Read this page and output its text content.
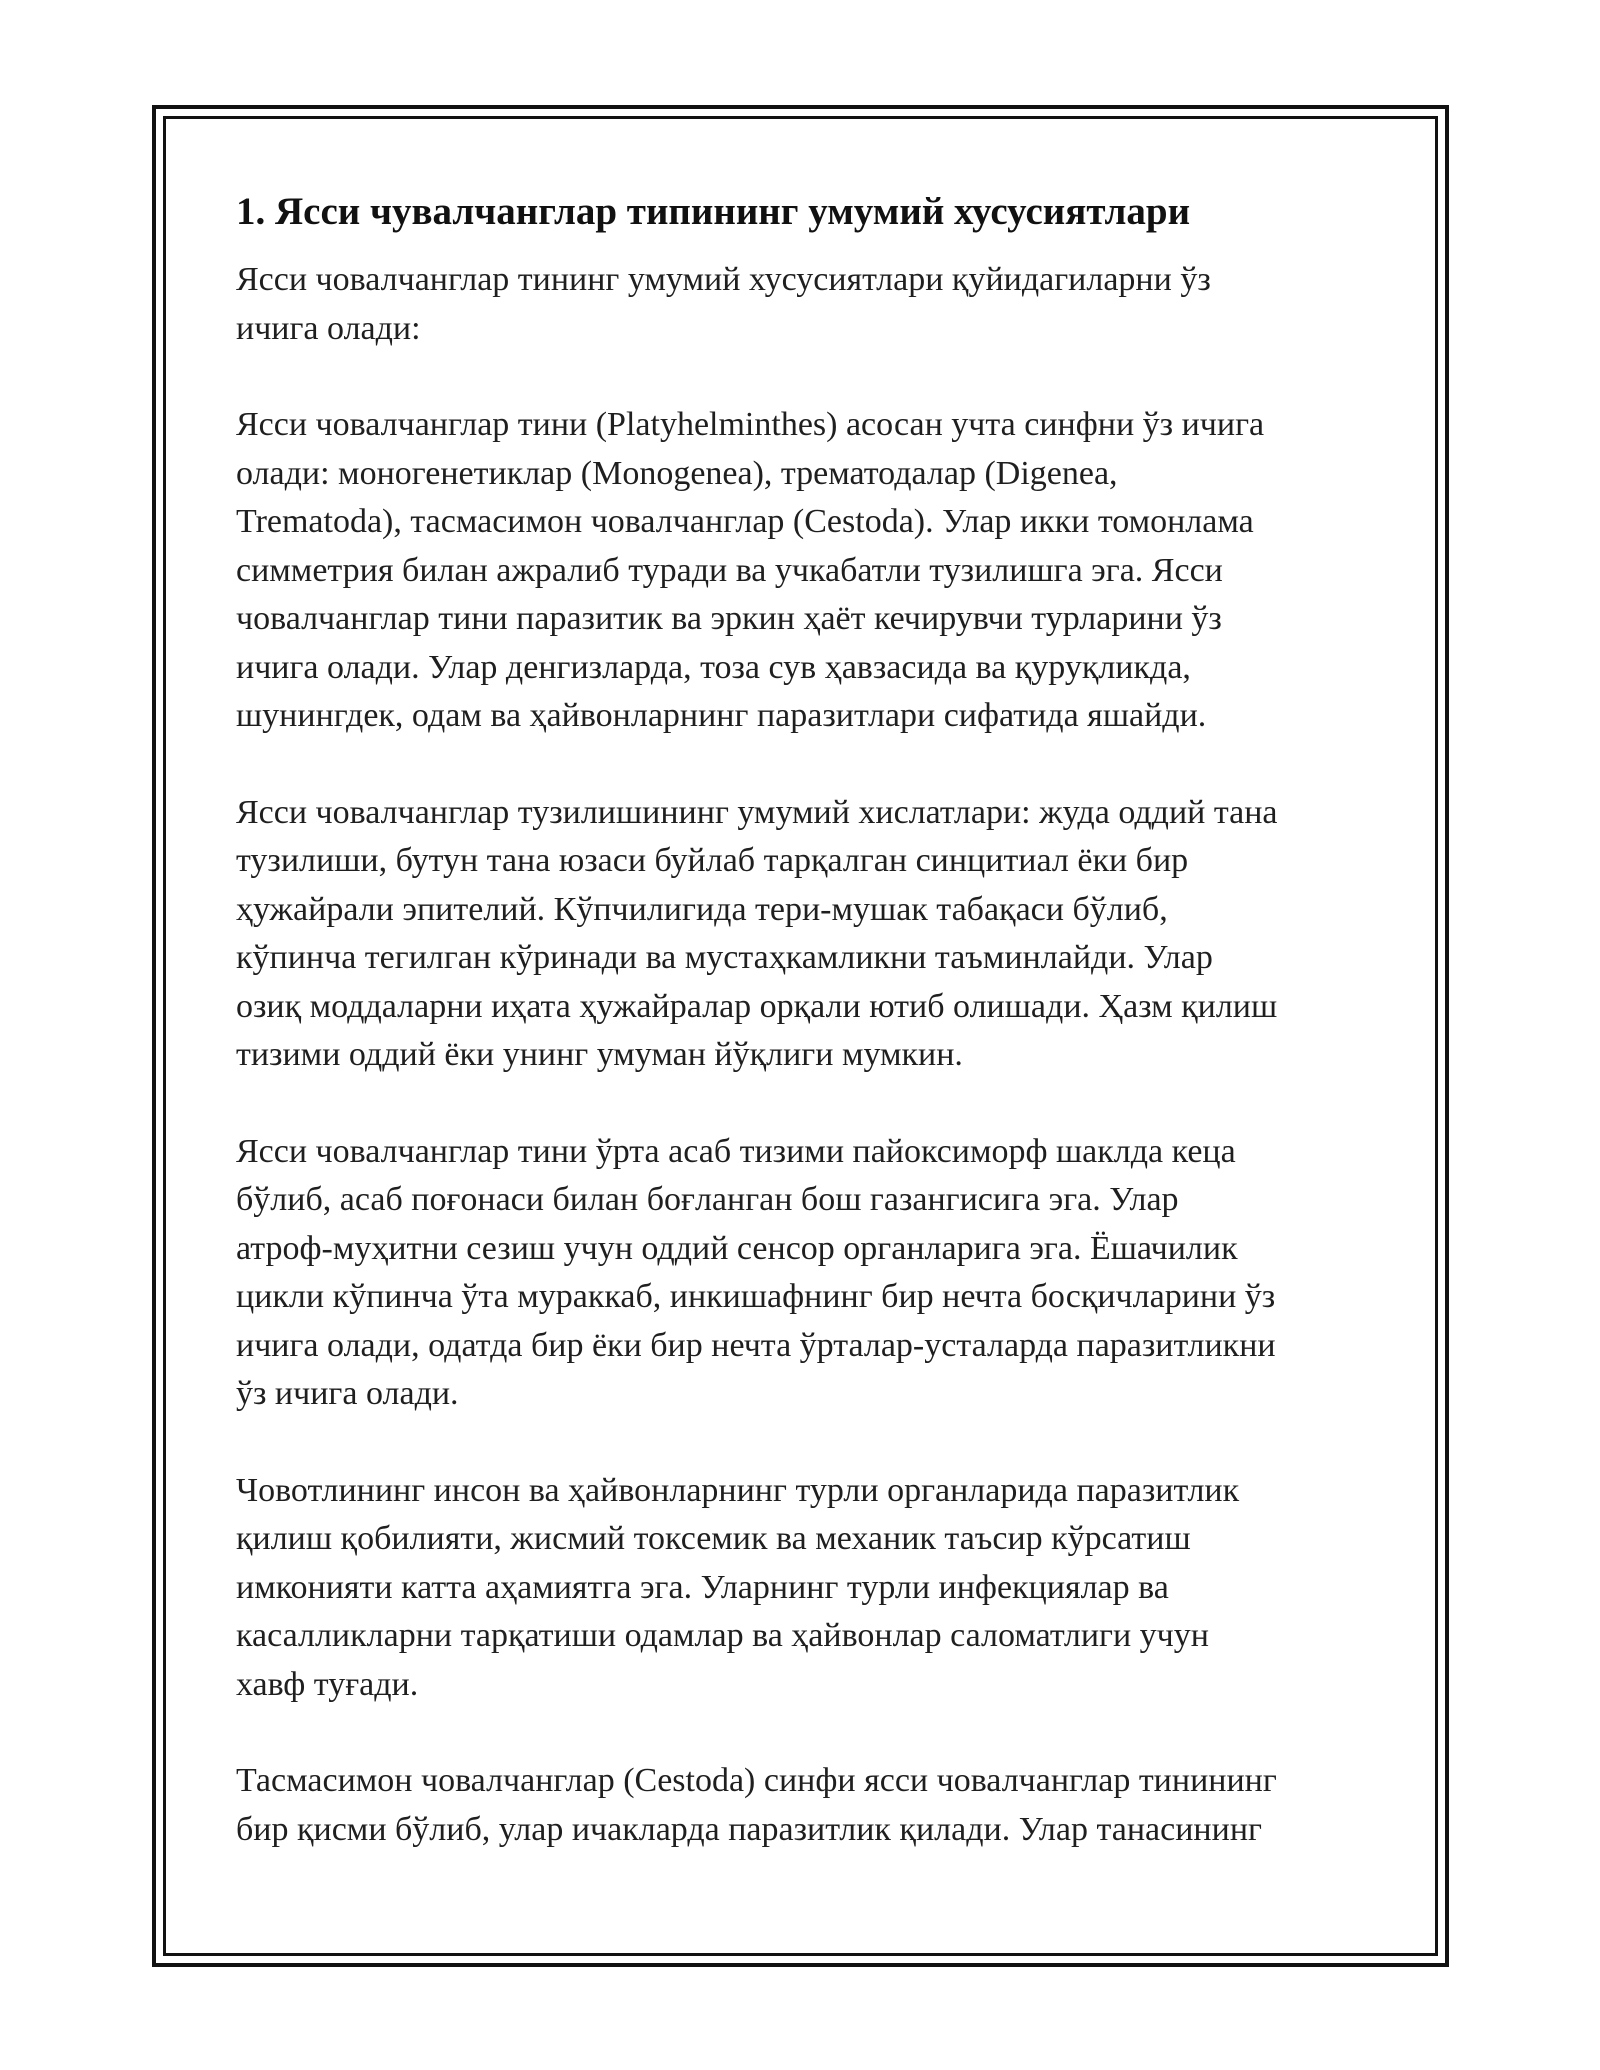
1. Ясси чувалчанглар типининг умумий хусусиятлари

Ясси човалчанглар тининг умумий хусусиятлари қуйидагиларни ўз
ичига олади:

Ясси човалчанглар тини (Platyhelminthes) асосан учта синфни ўз ичига
олади: моногенетиклар (Monogenea), трематодалар (Digenea,
Trematoda), тасмасимон човалчанглар (Cestoda). Улар икки томонлама
симметрия билан ажралиб туради ва учкабатли тузилишга эга. Ясси
човалчанглар тини паразитик ва эркин ҳаёт кечирувчи турларини ўз
ичига олади. Улар денгизларда, тоза сув ҳавзасида ва қуруқликда,
шунингдек, одам ва ҳайвонларнинг паразитлари сифатида яшайди.

Ясси човалчанглар тузилишининг умумий хислатлари: жуда оддий тана
тузилиши, бутун тана юзаси буйлаб тарқалган синцитиал ёки бир
ҳужайрали эпителий. Кўпчилигида тери-мушак табақаси бўлиб,
кўпинча тегилган кўринади ва мустаҳкамликни таъминлайди. Улар
озиқ моддаларни иҳата ҳужайралар орқали ютиб олишади. Ҳазм қилиш
тизими оддий ёки унинг умуман йўқлиги мумкин.

Ясси човалчанглар тини ўрта асаб тизими пайоксиморф шаклда кеца
бўлиб, асаб поғонаси билан боғланган бош газангисига эга. Улар
атроф-муҳитни сезиш учун оддий сенсор органларига эга. Ёшачилик
цикли кўпинча ўта мураккаб, инкишафнинг бир нечта босқичларини ўз
ичига олади, одатда бир ёки бир нечта ўрталар-усталарда паразитликни
ўз ичига олади.

Човотлининг инсон ва ҳайвонларнинг турли органларида паразитлик
қилиш қобилияти, жисмий токсемик ва механик таъсир кўрсатиш
имконияти катта аҳамиятга эга. Уларнинг турли инфекциялар ва
касалликларни тарқатиши одамлар ва ҳайвонлар саломатлиги учун
хавф туғади.

Тасмасимон човалчанглар (Cestoda) синфи ясси човалчанглар тинининг
бир қисми бўлиб, улар ичакларда паразитлик қилади. Улар танасининг
